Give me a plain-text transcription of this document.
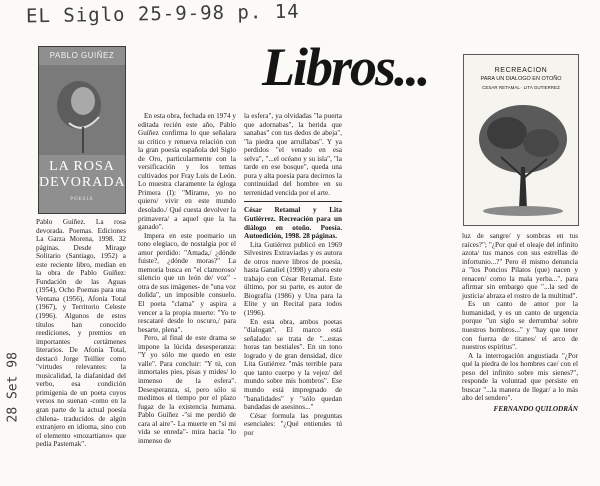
EL Siglo 25-9-98 p. 14
28 Set 98
Libros...
PABLO GUIÑEZ
LA ROSA
DEVORADA
POESIA
RECREACION
PARA UN DIALOGO EN OTOÑO
CESAR RETAMAL · LITA GUTIERREZ

Pablo Guíñez. La rosa devorada. Poemas. Ediciones La Garza Morena, 1998. 32 páginas. Desde Mirage Solitario (Santiago, 1952) a este reciente libro, median en la obra de Pablo Guíñez: Fundación de las Aguas (1954), Ocho Poemas para una Ventana (1956), Afonía Total (1967), y Territorio Celeste (1996). Algunos de estos títulos han conocido reediciones, y premios en importantes certámenes literarios. De Afonía Total, destacó Jorge Teillier como "virtudes relevantes: la musicalidad, la diafanidad del verbo, esa condición primigenia de un poeta cuyos versos no suenan -como en la gran parte de la actual poesía chilena- traducidos de algún extranjero en idioma, sino con el elemento «mozartiano» que pedía Pasternak".

En esta obra, fechada en 1974 y editada recién este año, Pablo Guíñez confirma lo que señalara su crítico y renueva relación con la gran poesía española del Siglo de Oro, particularmente con la versificación y los temas cultivados por Fray Luis de León. Lo muestra claramente la égloga Primera (I): "Mírame, yo no quiero/ vivir en este mundo desolado./ Qué cuesta devolver la primavera/ a aquel que la ha ganado".

Impera en este poemario un tono elegíaco, de nostalgia por el amor perdido: "Amada,/ ¿dónde fuiste?, ¿dónde moras?" La memoria busca en "el clamoroso/ silencio que un león de/ voz" -otra de sus imágenes- de "una voz dolida", un imposible consuelo. El poeta "clama" y aspira a vencer a la propia muerte: "Yo te rescataré desde lo oscuro,/ para besarte, plena".

Pero, al final de este drama se impone la lúcida desesperanza: "Y yo sólo me quedo en este valle". Para concluir: "Y tú, con inmortales pies, pisas y mides/ lo inmenso de la esfera". Desesperanza, sí, pero sólo si medimos el tiempo por el plazo fugaz de la existencia humana. Pablo Guíñez -"si me perdió de cara al aire"- La muerte en "si mi vida se enreda"- mira hacia "lo inmenso de

la esfera", ya olvidadas "la puerta que adornabas", la herida que sanabas" con tus dedos de abeja", "la piedra que arrullabas". Y ya perdidos "el venado en esa selva", "...el océano y su isla", "la tarde en ese bosque", queda una pura y alta poesía para decirnos la continuidad del hombre en su terrenidad vencida por el arte.

César Retamal y Lita Gutiérrez. Recreación para un diálogo en otoño. Poesía. Autoedición, 1998. 28 páginas.

Lita Gutiérrez publicó en 1969 Silvestres Extraviadas y es autora de otros nueve libros de poesía, hasta Ganaliel (1998) y ahora este trabajo con César Retamal. Este último, por su parte, es autor de Biografía (1986) y Una para la Elite y un Recital para todos (1996).

En esta obra, ambos poetas "dialogan". El marco está señalado: se trata de "...estas horas tan bestiales". En un tono logrado y de gran densidad, dice Lita Gutiérrez "más terrible para que tanto cuerpo y la vejez/ del mundo sobre mis hombros". Ese mundo está impregnado de "banalidades" y "sólo quedan bandadas de asesinos..."

César formula las preguntas esenciales: "¿Qué entiendes tú por

luz de sangre/ y sombras en tus raíces?"; "¿Por qué el oleaje del infinito azota/ tus manos con sus estrellas de infortunio...?" Pero él mismo denuncia a "los Poncios Pilatos (que) nacen y renacen/ como la mala yerba...", para afirmar sin embargo que "...la sed de justicia/ abraza el rostro de la multitud".

Es un canto de amor por la humanidad, y es un canto de urgencia porque "un siglo se derrumba/ sobre nuestros hombros..." y "hay que tener con fuerza de titanes/ el arco de nuestros espíritus".

A la interrogación angustiada "¿Por qué la piedra de los hombres cae/ con el peso del infinito sobre mis sienes?", responde la voluntad que persiste en buscar "...la manera de llegar/ a lo más alto del sendero".

FERNANDO QUILODRÁN
